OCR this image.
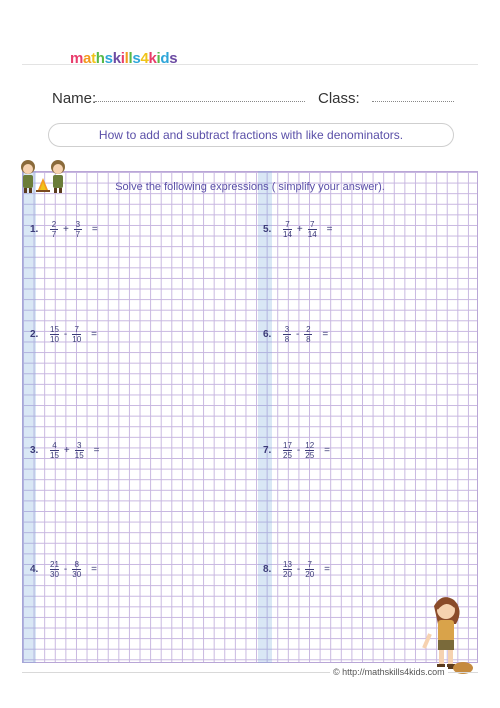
mathskills4kids
Name:	Class:
How to add and subtract fractions with like denominators.
Solve the following expressions ( simplify your answer).
1. $\frac{2}{7} + \frac{3}{7}$ =
2. $\frac{15}{10} - \frac{7}{10}$ =
3. $\frac{4}{15} + \frac{3}{15}$ =
4. $\frac{21}{30} - \frac{8}{30}$ =
5. $\frac{7}{14} + \frac{7}{14}$ =
6. $\frac{3}{8} - \frac{2}{8}$ =
7. $\frac{17}{25} - \frac{12}{25}$ =
8. $\frac{13}{20} - \frac{7}{20}$ =
© http://mathskills4kids.com
